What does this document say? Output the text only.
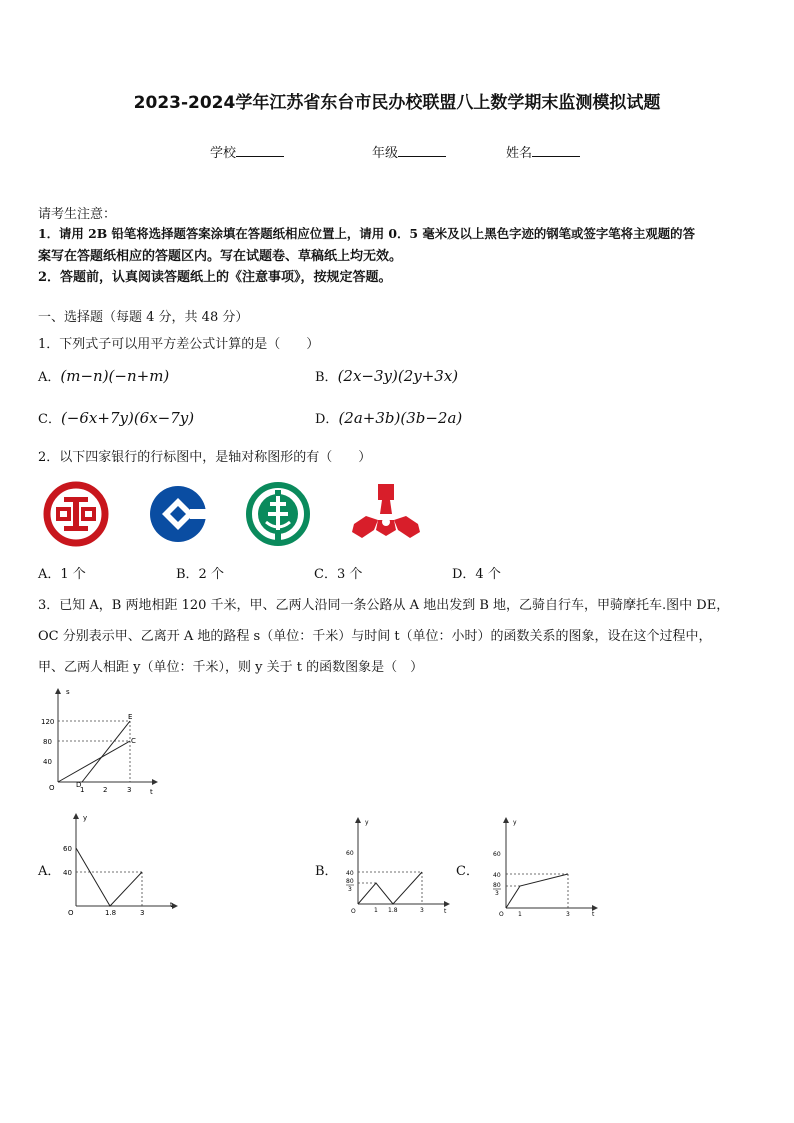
2023-2024学年江苏省东台市民办校联盟八上数学期末监测模拟试题
学校	年级	姓名
请考生注意：
1．请用 2B 铅笔将选择题答案涂填在答题纸相应位置上，请用 0．5 毫米及以上黑色字迹的钢笔或签字笔将主观题的答
案写在答题纸相应的答题区内。写在试题卷、草稿纸上均无效。
2．答题前，认真阅读答题纸上的《注意事项》，按规定答题。
一、选择题（每题 4 分，共 48 分）
1．下列式子可以用平方差公式计算的是（　　）
A．(m−n)(−n+m)	B．(2x−3y)(2y+3x)
C．(−6x+7y)(6x−7y)	D．(2a+3b)(3b−2a)
2．以下四家银行的行标图中，是轴对称图形的有（　　）
A．1 个	B．2 个	C．3 个	D．4 个
3．已知 A，B 两地相距 120 千米，甲、乙两人沿同一条公路从 A 地出发到 B 地，乙骑自行车，甲骑摩托车.图中 DE，
OC 分别表示甲、乙离开 A 地的路程 s（单位：千米）与时间 t（单位：小时）的函数关系的图象，设在这个过程中，
甲、乙两人相距 y（单位：千米），则 y 关于 t 的函数图象是（　）
s
t
O
40
80
120
1	2	3
D
E
C
A．
y
t
O
40
60
1.8	3
B．
y
t
O
40
60
80
3
1 1.8	3
C．
y
t
O
40
60
80
3
1	3
